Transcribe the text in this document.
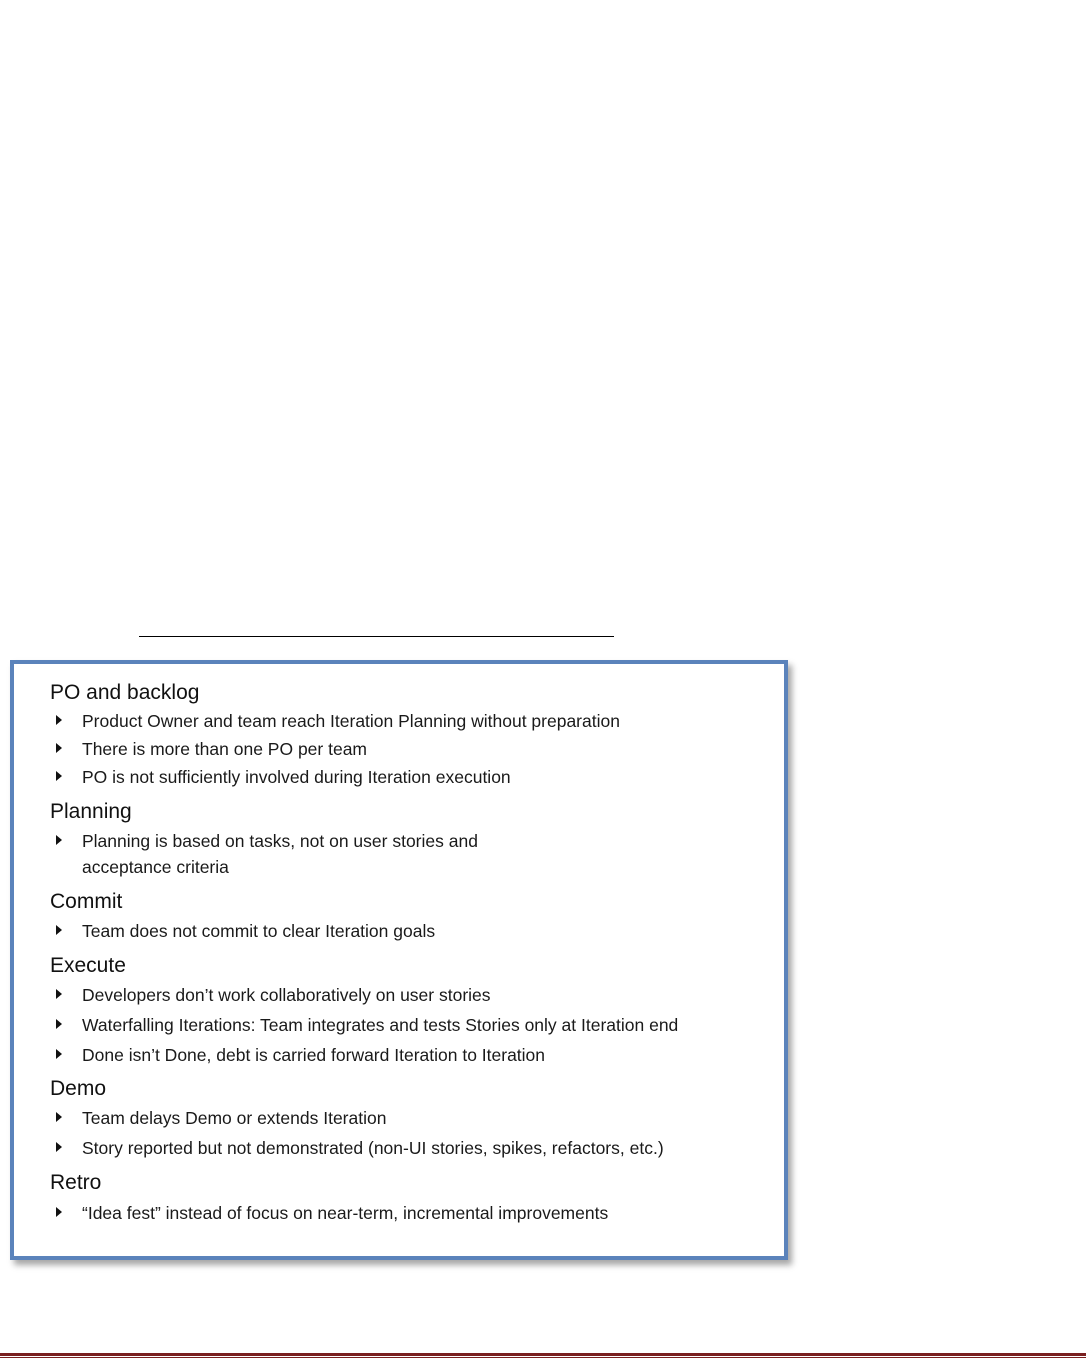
PO and backlog
Product Owner and team reach Iteration Planning without preparation
There is more than one PO per team
PO is not sufficiently involved during Iteration execution
Planning
Planning is based on tasks, not on user stories and acceptance criteria
Commit
Team does not commit to clear Iteration goals
Execute
Developers don’t work collaboratively on user stories
Waterfalling Iterations: Team integrates and tests Stories only at Iteration end
Done isn’t Done, debt is carried forward Iteration to Iteration
Demo
Team delays Demo or extends Iteration
Story reported but not demonstrated (non-UI stories, spikes, refactors, etc.)
Retro
“Idea fest” instead of focus on near-term, incremental improvements
